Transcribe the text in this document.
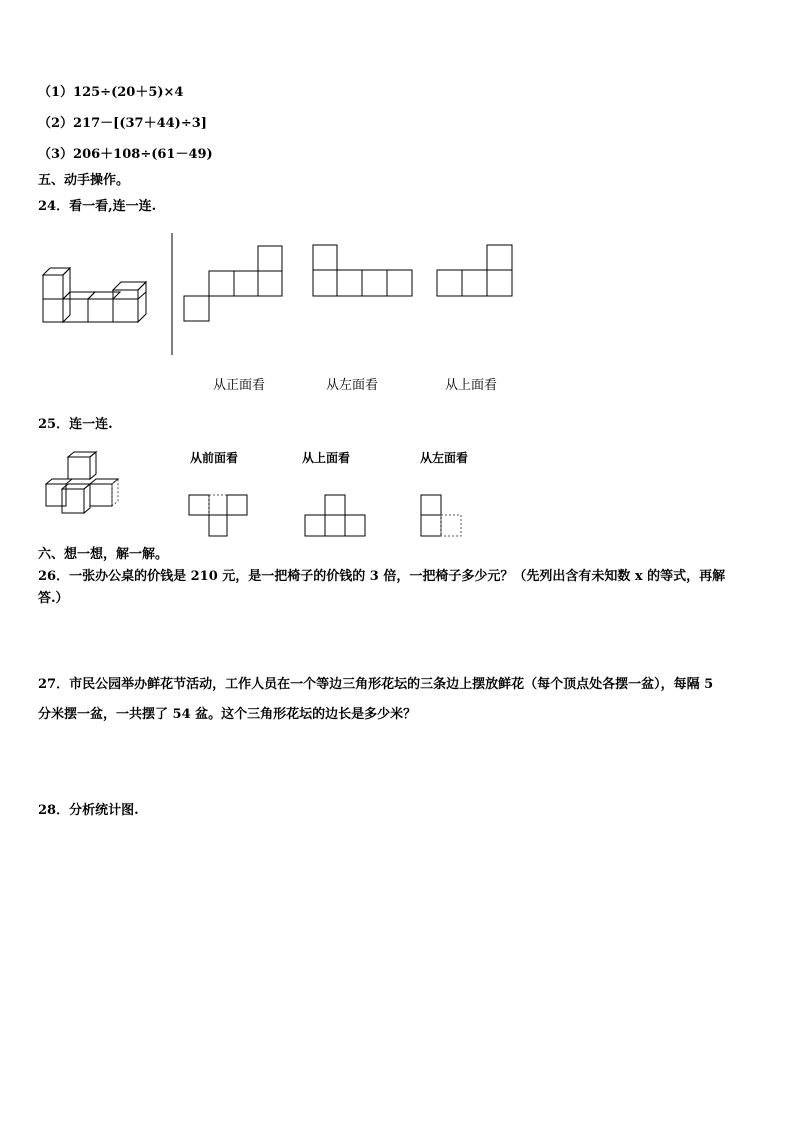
（1）125÷(20＋5)×4
（2）217－[(37＋44)÷3]
（3）206＋108÷(61－49)
五、动手操作。
24．看一看,连一连.
从正面看	从左面看	从上面看
25．连一连.
从前面看	从上面看	从左面看
六、想一想，解一解。
26．一张办公桌的价钱是 210 元，是一把椅子的价钱的 3 倍，一把椅子多少元？（先列出含有未知数 x 的等式，再解
答.）
27．市民公园举办鲜花节活动，工作人员在一个等边三角形花坛的三条边上摆放鲜花（每个顶点处各摆一盆），每隔 5
分米摆一盆，一共摆了 54 盆。这个三角形花坛的边长是多少米？
28．分析统计图.
